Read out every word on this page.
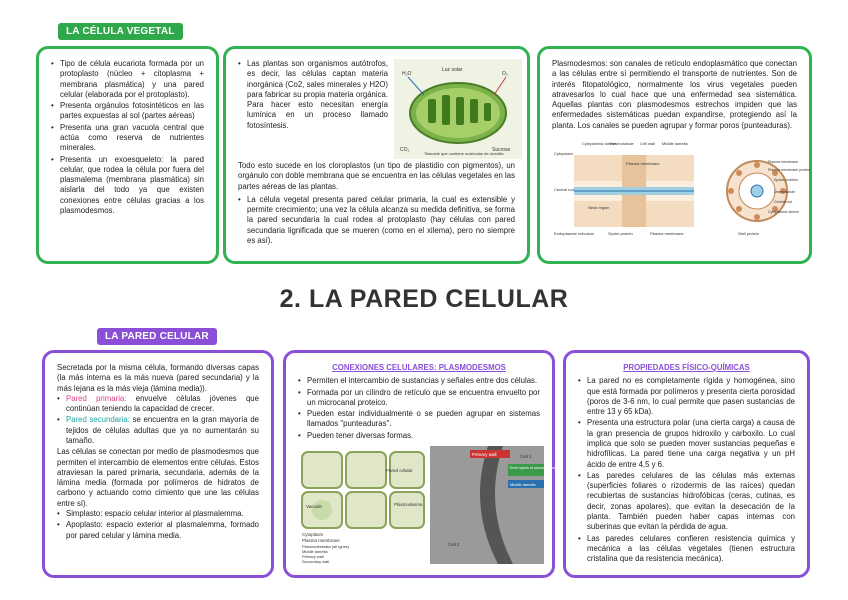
LA CÉLULA VEGETAL
• Tipo de célula eucariota formada por un protoplasto (núcleo + citoplasma + membrana plasmática) y una pared celular (elaborada por el protoplasto).
• Presenta orgánulos fotosintéticos en las partes expuestas al sol (partes aéreas)
• Presenta una gran vacuola central que actúa como reserva de nutrientes minerales.
• Presenta un exoesqueleto: la pared celular, que rodea la célula por fuera del plasmalema (membrana plasmática) sin aislarla del todo ya que existen conexiones entre células gracias a los plasmodesmos.
• Las plantas son organismos autótrofos, es decir, las células captan materia inorgánica (Co2, sales minerales y H2O) para fabricar su propia materia orgánica. Para hacer esto necesitan energía lumínica en un proceso llamado fotosíntesis.
H₂O
Luz solar
O₂
CO₂	Sucrose
Tilacoide que contiene moléculas de clorofila

Todo esto sucede en los cloroplastos (un tipo de plastidio con pigmentos), un orgánulo con doble membrana que se encuentra en las células vegetales en las partes aéreas de las plantas.

• La célula vegetal presenta pared celular primaria, la cual es extensible y permite crecimiento; una vez la célula alcanza su medida definitiva, se forma la pared secundaria la cual rodea al protoplasto (hay células con pared secundaria lignificada que se mueren (como en el xilema), pero no siempre es así).

Plasmodesmos: son canales de retículo endoplasmático que conectan a las células entre sí permitiendo el transporte de nutrientes. Son de interés fitopatológico, normalmente los virus vegetales pueden atravesarlos lo cual hace que una enfermedad sea sistemática. Aquellas plantas con plasmodesmos estrechos impiden que las enfermedades sistemáticas puedan expandirse, protegiendo así la planta. Los canales se pueden agrupar y formar poros (punteaduras).

Cytoplasmic sleeve
Desmotubule Cell wall Middle lamella
Cytoplasm
Central rod
Plasma membrane
Neck region
Endoplasmic reticulum	Spoke protein	Plasma membrane
Plasma membrane
Plasma membrane protein
Spoke proteins
Desmotubule
Central rod
Cytoplasmic sleeve
Wall protein
2. LA PARED CELULAR
LA PARED CELULAR

Secretada por la misma célula, formando diversas capas (la más interna es la más nueva (pared secundaria) y la más lejana es la más vieja (lámina media)).

• Pared primaria: envuelve células jóvenes que continúan teniendo la capacidad de crecer.
• Pared secundaria: se encuentra en la gran mayoría de tejidos de células adultas que ya no aumentarán su tamaño.

Las células se conectan por medio de plasmodesmos que permiten el intercambio de elementos entre células. Estos atraviesan la pared primaria, secundaria, además de la lámina media (formada por polímeros de hidratos de carbono y actuando como cimiento que une las células entre sí).

• Simplasto: espacio celular interior al plasmalemma.
• Apoplasto: espacio exterior al plasmalemma, formado por pared celular y lámina media.
CONEXIONES CELULARES: PLASMODESMOS
• Permiten el intercambio de sustancias y señales entre dos células.
• Formada por un cilindro de retículo que se encuentra envuelto por un microcanal proteico.
• Pueden estar individualmente o se pueden agrupar en sistemas llamados "punteaduras".
• Pueden tener diversas formas.
Pared celular
Vacuole	Plasmodesma
Cytoplasm
Plasma membrane
Plasmodesmata (all types)
Middle lamella
Primary wall
Secondary wall
Primary wall	Cell 1
Three layers of secondary wall
Middle lamella
Cell 2
PROPIEDADES FÍSICO-QUÍMICAS
• La pared no es completamente rígida y homogénea, sino que está formada por polímeros y presenta cierta porosidad (poros de 3-6 nm, lo cual permite que pasen sustancias de entre 13 y 65 kDa).
• Presenta una estructura polar (una cierta carga) a causa de la gran presencia de grupos hidroxilo y carboxilo. Lo cual implica que solo se pueden mover sustancias pequeñas e hidrofílicas. La pared tiene una carga negativa y un pH ácido de entre 4,5 y 6.
• Las paredes celulares de las células más externas (superficies foliares o rizodermis de las raíces) quedan recubiertas de sustancias hidrofóbicas (ceras, cutinas, es decir, zonas apolares), que evitan la desecación de la planta. También pueden haber capas internas con suberinas que evitan la pérdida de agua.
• Las paredes celulares confieren resistencia química y mecánica a las células vegetales (tienen estructura cristalina que da resistencia mecánica).
